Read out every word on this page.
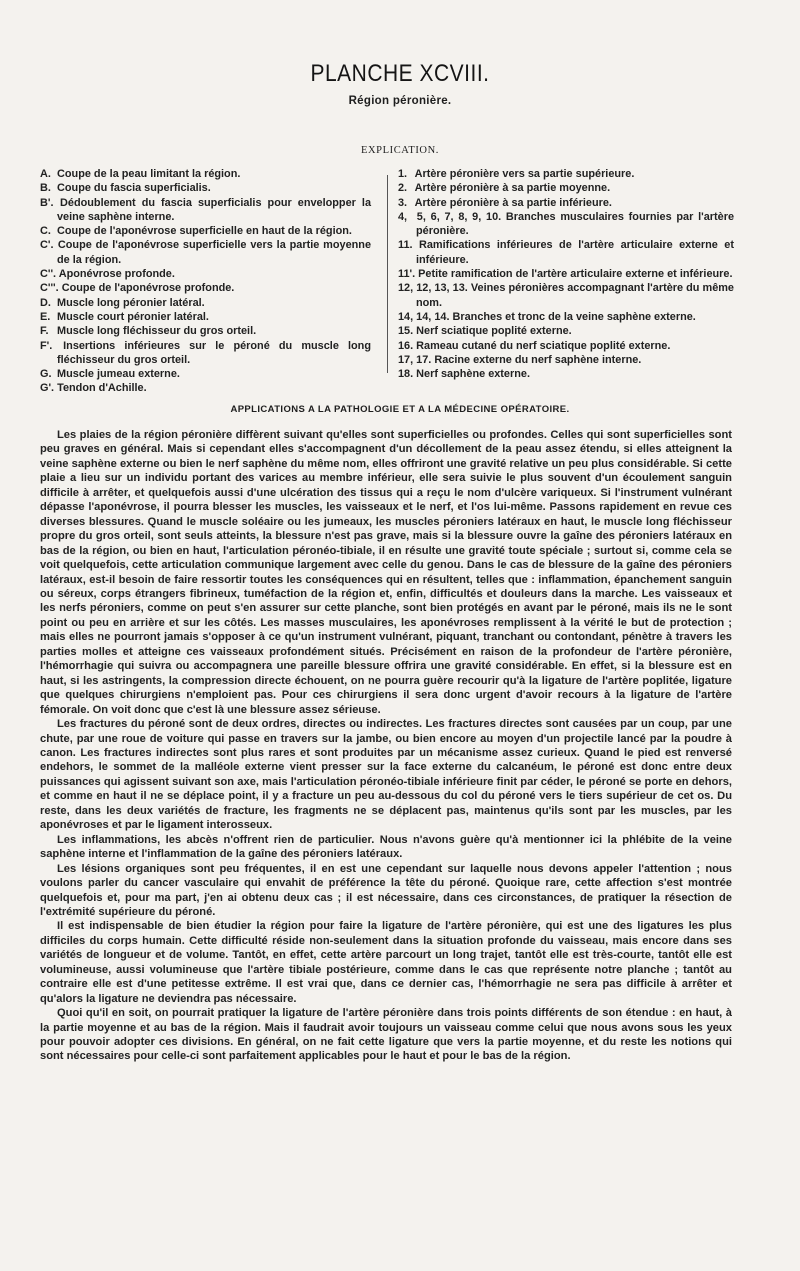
PLANCHE XCVIII.
Région péronière.
EXPLICATION.
A. Coupe de la peau limitant la région.
B. Coupe du fascia superficialis.
B'. Dédoublement du fascia superficialis pour envelopper la veine saphène interne.
C. Coupe de l'aponévrose superficielle en haut de la région.
C'. Coupe de l'aponévrose superficielle vers la partie moyenne de la région.
C''. Aponévrose profonde.
C'''. Coupe de l'aponévrose profonde.
D. Muscle long péronier latéral.
E. Muscle court péronier latéral.
F. Muscle long fléchisseur du gros orteil.
F'. Insertions inférieures sur le péroné du muscle long fléchisseur du gros orteil.
G. Muscle jumeau externe.
G'. Tendon d'Achille.
1. Artère péronière vers sa partie supérieure.
2. Artère péronière à sa partie moyenne.
3. Artère péronière à sa partie inférieure.
4, 5, 6, 7, 8, 9, 10. Branches musculaires fournies par l'artère péronière.
11. Ramifications inférieures de l'artère articulaire externe et inférieure.
11'. Petite ramification de l'artère articulaire externe et inférieure.
12, 12, 13, 13. Veines péronières accompagnant l'artère du même nom.
14, 14, 14. Branches et tronc de la veine saphène externe.
15. Nerf sciatique poplité externe.
16. Rameau cutané du nerf sciatique poplité externe.
17, 17. Racine externe du nerf saphène interne.
18. Nerf saphène externe.
APPLICATIONS A LA PATHOLOGIE ET A LA MÉDECINE OPÉRATOIRE.

Les plaies de la région péronière diffèrent suivant qu'elles sont superficielles ou profondes. Celles qui sont superficielles sont peu graves en général. Mais si cependant elles s'accompagnent d'un décollement de la peau assez étendu, si elles atteignent la veine saphène externe ou bien le nerf saphène du même nom, elles offriront une gravité relative un peu plus considérable. Si cette plaie a lieu sur un individu portant des varices au membre inférieur, elle sera suivie le plus souvent d'un écoulement sanguin difficile à arrêter, et quelquefois aussi d'une ulcération des tissus qui a reçu le nom d'ulcère variqueux. Si l'instrument vulnérant dépasse l'aponévrose, il pourra blesser les muscles, les vaisseaux et le nerf, et l'os lui-même. Passons rapidement en revue ces diverses blessures. Quand le muscle soléaire ou les jumeaux, les muscles péroniers latéraux en haut, le muscle long fléchisseur propre du gros orteil, sont seuls atteints, la blessure n'est pas grave, mais si la blessure ouvre la gaîne des péroniers latéraux en bas de la région, ou bien en haut, l'articulation péronéo-tibiale, il en résulte une gravité toute spéciale ; surtout si, comme cela se voit quelquefois, cette articulation communique largement avec celle du genou. Dans le cas de blessure de la gaîne des péroniers latéraux, est-il besoin de faire ressortir toutes les conséquences qui en résultent, telles que : inflammation, épanchement sanguin ou séreux, corps étrangers fibrineux, tuméfaction de la région et, enfin, difficultés et douleurs dans la marche. Les vaisseaux et les nerfs péroniers, comme on peut s'en assurer sur cette planche, sont bien protégés en avant par le péroné, mais ils ne le sont point ou peu en arrière et sur les côtés. Les masses musculaires, les aponévroses remplissent à la vérité le but de protection ; mais elles ne pourront jamais s'opposer à ce qu'un instrument vulnérant, piquant, tranchant ou contondant, pénètre à travers les parties molles et atteigne ces vaisseaux profondément situés. Précisément en raison de la profondeur de l'artère péronière, l'hémorrhagie qui suivra ou accompagnera une pareille blessure offrira une gravité considérable. En effet, si la blessure est en haut, si les astringents, la compression directe échouent, on ne pourra guère recourir qu'à la ligature de l'artère poplitée, ligature que quelques chirurgiens n'emploient pas. Pour ces chirurgiens il sera donc urgent d'avoir recours à la ligature de l'artère fémorale. On voit donc que c'est là une blessure assez sérieuse.

Les fractures du péroné sont de deux ordres, directes ou indirectes. Les fractures directes sont causées par un coup, par une chute, par une roue de voiture qui passe en travers sur la jambe, ou bien encore au moyen d'un projectile lancé par la poudre à canon. Les fractures indirectes sont plus rares et sont produites par un mécanisme assez curieux. Quand le pied est renversé endehors, le sommet de la malléole externe vient presser sur la face externe du calcanéum, le péroné est donc entre deux puissances qui agissent suivant son axe, mais l'articulation péronéo-tibiale inférieure finit par céder, le péroné se porte en dehors, et comme en haut il ne se déplace point, il y a fracture un peu au-dessous du col du péroné vers le tiers supérieur de cet os. Du reste, dans les deux variétés de fracture, les fragments ne se déplacent pas, maintenus qu'ils sont par les muscles, par les aponévroses et par le ligament interosseux.

Les inflammations, les abcès n'offrent rien de particulier. Nous n'avons guère qu'à mentionner ici la phlébite de la veine saphène interne et l'inflammation de la gaîne des péroniers latéraux.

Les lésions organiques sont peu fréquentes, il en est une cependant sur laquelle nous devons appeler l'attention ; nous voulons parler du cancer vasculaire qui envahit de préférence la tête du péroné. Quoique rare, cette affection s'est montrée quelquefois et, pour ma part, j'en ai obtenu deux cas ; il est nécessaire, dans ces circonstances, de pratiquer la résection de l'extrémité supérieure du péroné.

Il est indispensable de bien étudier la région pour faire la ligature de l'artère péronière, qui est une des ligatures les plus difficiles du corps humain. Cette difficulté réside non-seulement dans la situation profonde du vaisseau, mais encore dans ses variétés de longueur et de volume. Tantôt, en effet, cette artère parcourt un long trajet, tantôt elle est très-courte, tantôt elle est volumineuse, aussi volumineuse que l'artère tibiale postérieure, comme dans le cas que représente notre planche ; tantôt au contraire elle est d'une petitesse extrême. Il est vrai que, dans ce dernier cas, l'hémorrhagie ne sera pas difficile à arrêter et qu'alors la ligature ne deviendra pas nécessaire.

Quoi qu'il en soit, on pourrait pratiquer la ligature de l'artère péronière dans trois points différents de son étendue : en haut, à la partie moyenne et au bas de la région. Mais il faudrait avoir toujours un vaisseau comme celui que nous avons sous les yeux pour pouvoir adopter ces divisions. En général, on ne fait cette ligature que vers la partie moyenne, et du reste les notions qui sont nécessaires pour celle-ci sont parfaitement applicables pour le haut et pour le bas de la région.
